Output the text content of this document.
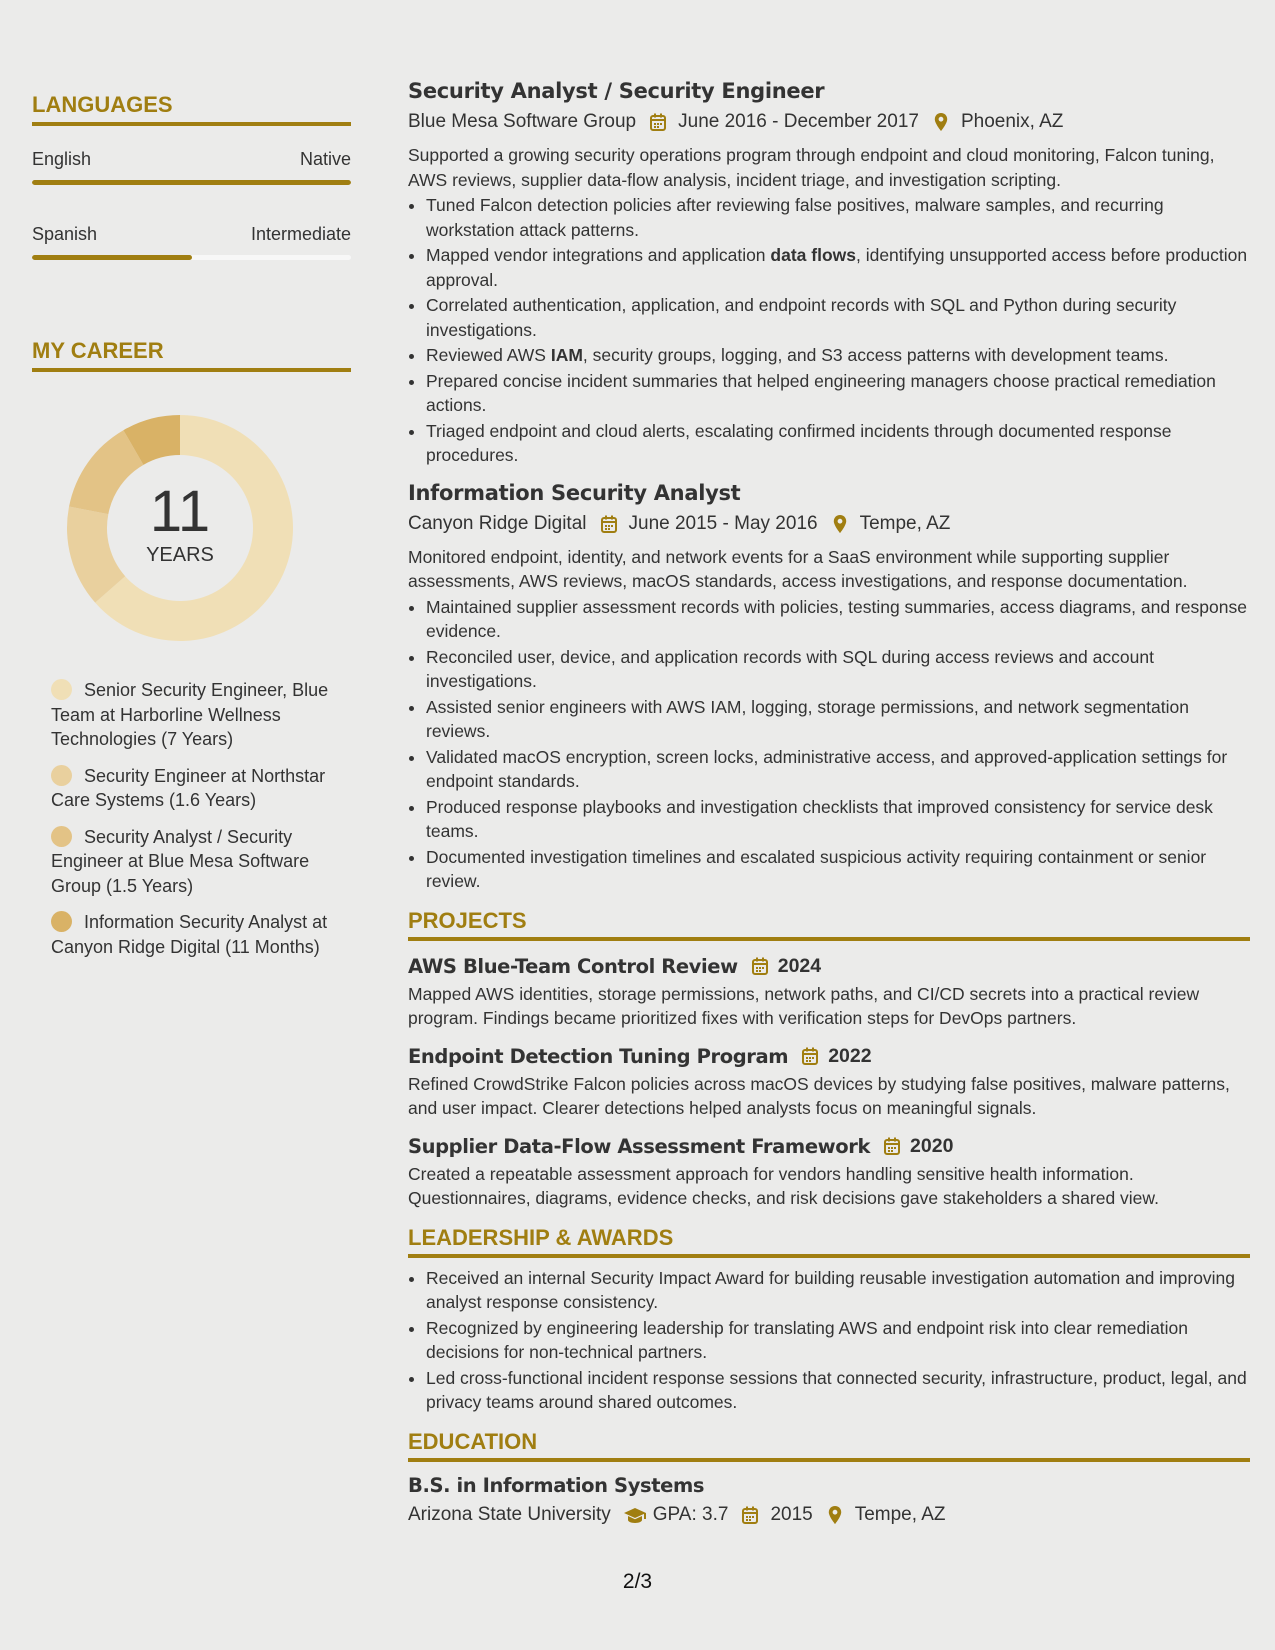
LANGUAGES
English	Native
Spanish	Intermediate
MY CAREER
11
YEARS
Senior Security Engineer, Blue Team at Harborline Wellness Technologies (7 Years)
Security Engineer at Northstar Care Systems (1.6 Years)
Security Analyst / Security Engineer at Blue Mesa Software Group (1.5 Years)
Information Security Analyst at Canyon Ridge Digital (11 Months)
Security Analyst / Security Engineer
Blue Mesa Software Group June 2016 - December 2017 Phoenix, AZ
Supported a growing security operations program through endpoint and cloud monitoring, Falcon tuning, AWS reviews, supplier data-flow analysis, incident triage, and investigation scripting.
• Tuned Falcon detection policies after reviewing false positives, malware samples, and recurring workstation attack patterns.
• Mapped vendor integrations and application data flows, identifying unsupported access before production approval.
• Correlated authentication, application, and endpoint records with SQL and Python during security investigations.
• Reviewed AWS IAM, security groups, logging, and S3 access patterns with development teams.
• Prepared concise incident summaries that helped engineering managers choose practical remediation actions.
• Triaged endpoint and cloud alerts, escalating confirmed incidents through documented response procedures.
Information Security Analyst
Canyon Ridge Digital June 2015 - May 2016 Tempe, AZ
Monitored endpoint, identity, and network events for a SaaS environment while supporting supplier assessments, AWS reviews, macOS standards, access investigations, and response documentation.
• Maintained supplier assessment records with policies, testing summaries, access diagrams, and response evidence.
• Reconciled user, device, and application records with SQL during access reviews and account investigations.
• Assisted senior engineers with AWS IAM, logging, storage permissions, and network segmentation reviews.
• Validated macOS encryption, screen locks, administrative access, and approved-application settings for endpoint standards.
• Produced response playbooks and investigation checklists that improved consistency for service desk teams.
• Documented investigation timelines and escalated suspicious activity requiring containment or senior review.
PROJECTS
AWS Blue-Team Control Review 2024
Mapped AWS identities, storage permissions, network paths, and CI/CD secrets into a practical review program. Findings became prioritized fixes with verification steps for DevOps partners.
Endpoint Detection Tuning Program 2022
Refined CrowdStrike Falcon policies across macOS devices by studying false positives, malware patterns, and user impact. Clearer detections helped analysts focus on meaningful signals.
Supplier Data-Flow Assessment Framework 2020
Created a repeatable assessment approach for vendors handling sensitive health information. Questionnaires, diagrams, evidence checks, and risk decisions gave stakeholders a shared view.
LEADERSHIP & AWARDS
• Received an internal Security Impact Award for building reusable investigation automation and improving analyst response consistency.
• Recognized by engineering leadership for translating AWS and endpoint risk into clear remediation decisions for non-technical partners.
• Led cross-functional incident response sessions that connected security, infrastructure, product, legal, and privacy teams around shared outcomes.
EDUCATION
B.S. in Information Systems
Arizona State University GPA: 3.7 2015 Tempe, AZ
2/3
